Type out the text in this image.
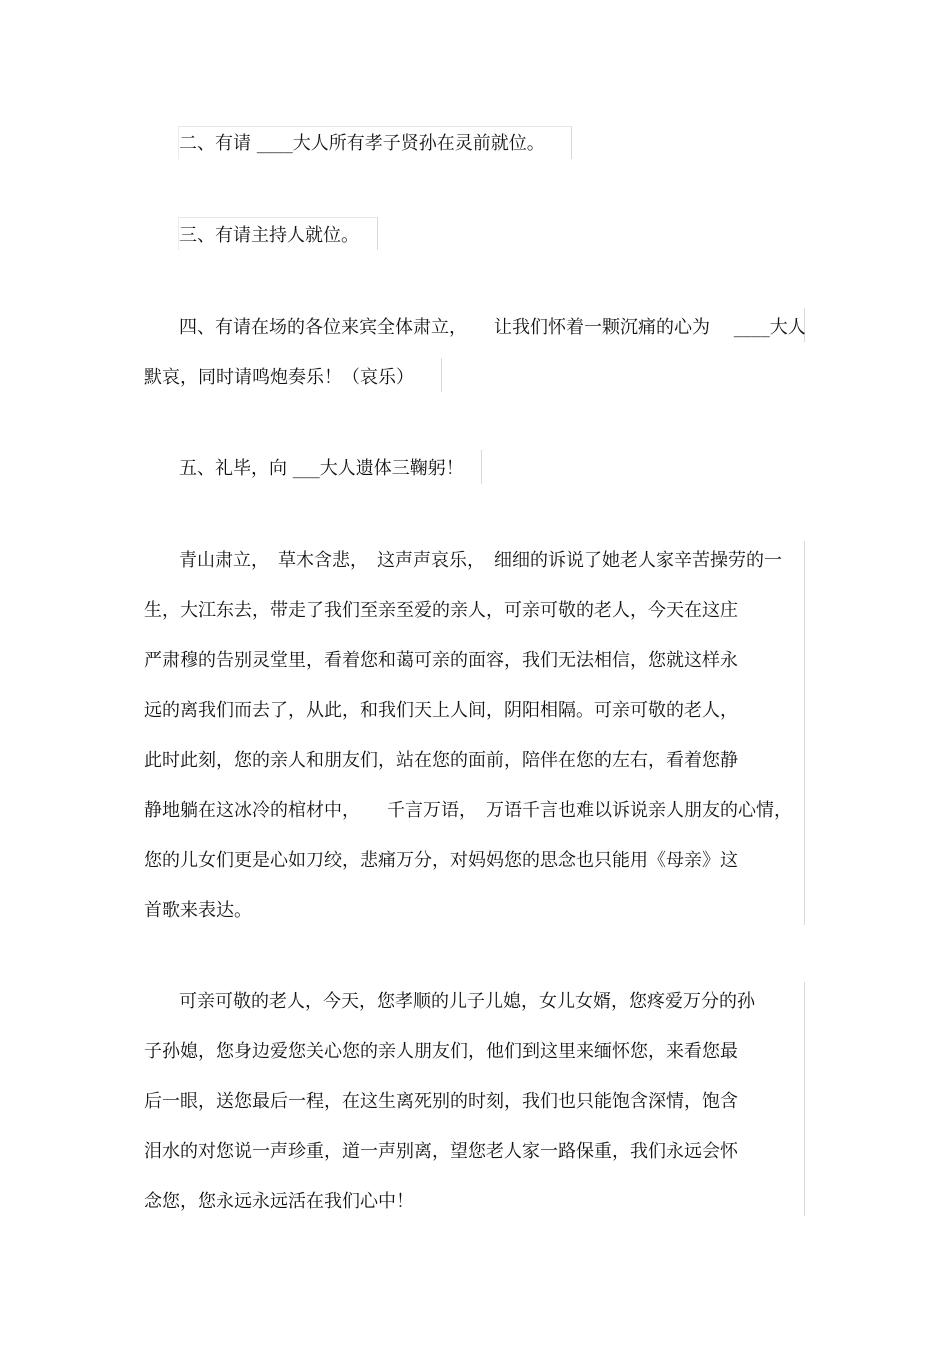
二、有请 ____大人所有孝子贤孙在灵前就位。
三、有请主持人就位。
四、有请在场的各位来宾全体肃立，　　让我们怀着一颗沉痛的心为　 ____大人
默哀，同时请鸣炮奏乐！（哀乐）
五、礼毕，向 ___大人遗体三鞠躬！
青山肃立，　草木含悲，　这声声哀乐，　细细的诉说了她老人家辛苦操劳的一
生，大江东去，带走了我们至亲至爱的亲人，可亲可敬的老人，今天在这庄
严肃穆的告别灵堂里，看着您和蔼可亲的面容，我们无法相信，您就这样永
远的离我们而去了，从此，和我们天上人间，阴阳相隔。可亲可敬的老人，
此时此刻，您的亲人和朋友们，站在您的面前，陪伴在您的左右，看着您静
静地躺在这冰冷的棺材中，　　千言万语，　万语千言也难以诉说亲人朋友的心情，
您的儿女们更是心如刀绞，悲痛万分，对妈妈您的思念也只能用《母亲》这
首歌来表达。
可亲可敬的老人，今天，您孝顺的儿子儿媳，女儿女婿，您疼爱万分的孙
子孙媳，您身边爱您关心您的亲人朋友们，他们到这里来缅怀您，来看您最
后一眼，送您最后一程，在这生离死别的时刻，我们也只能饱含深情，饱含
泪水的对您说一声珍重，道一声别离，望您老人家一路保重，我们永远会怀
念您，您永远永远活在我们心中！
